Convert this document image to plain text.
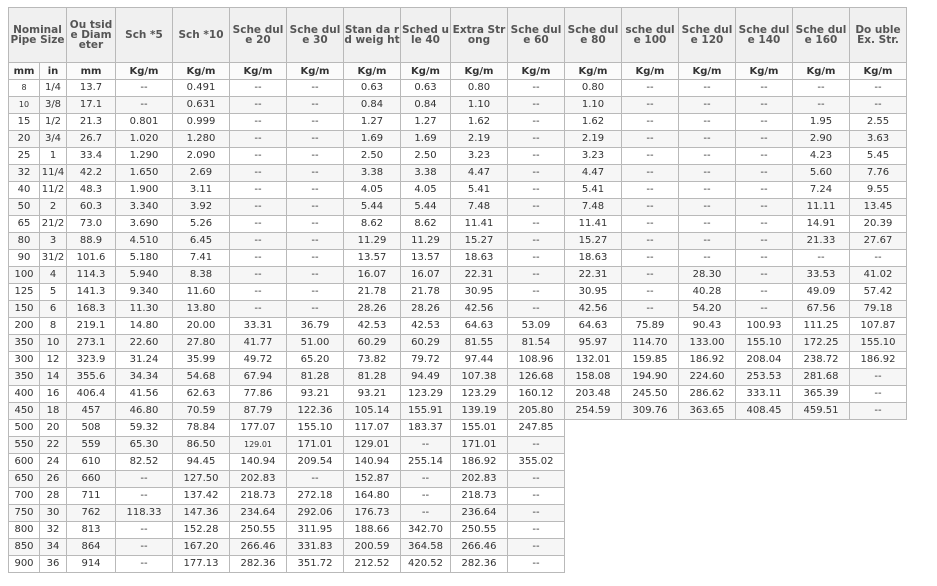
Nominal Pipe Size		Ou tside Diam eter	Sch *5	Sch *10	Sche dule 20	Sche dule 30	Stan da rd weig ht	Sched ule 40	Extra Str ong	Sche dule 60	Sche dule 80	sche dule 100	Sche dule 120	Sche dule 140	Sche dule 160	Do uble Ex. Str.
mm	in	mm	Kg/m	Kg/m	Kg/m	Kg/m	Kg/m	Kg/m	Kg/m	Kg/m	Kg/m	Kg/m	Kg/m	Kg/m	Kg/m	Kg/m
8	1/4	13.7	--	0.491	--	--	0.63	0.63	0.80	--	0.80	--	--	--	--	--
10	3/8	17.1	--	0.631	--	--	0.84	0.84	1.10	--	1.10	--	--	--	--	--
15	1/2	21.3	0.801	0.999	--	--	1.27	1.27	1.62	--	1.62	--	--	--	1.95	2.55
20	3/4	26.7	1.020	1.280	--	--	1.69	1.69	2.19	--	2.19	--	--	--	2.90	3.63
25	1	33.4	1.290	2.090	--	--	2.50	2.50	3.23	--	3.23	--	--	--	4.23	5.45
32	11/4	42.2	1.650	2.69	--	--	3.38	3.38	4.47	--	4.47	--	--	--	5.60	7.76
40	11/2	48.3	1.900	3.11	--	--	4.05	4.05	5.41	--	5.41	--	--	--	7.24	9.55
50	2	60.3	3.340	3.92	--	--	5.44	5.44	7.48	--	7.48	--	--	--	11.11	13.45
65	21/2	73.0	3.690	5.26	--	--	8.62	8.62	11.41	--	11.41	--	--	--	14.91	20.39
80	3	88.9	4.510	6.45	--	--	11.29	11.29	15.27	--	15.27	--	--	--	21.33	27.67
90	31/2	101.6	5.180	7.41	--	--	13.57	13.57	18.63	--	18.63	--	--	--	--	--
100	4	114.3	5.940	8.38	--	--	16.07	16.07	22.31	--	22.31	--	28.30	--	33.53	41.02
125	5	141.3	9.340	11.60	--	--	21.78	21.78	30.95	--	30.95	--	40.28	--	49.09	57.42
150	6	168.3	11.30	13.80	--	--	28.26	28.26	42.56	--	42.56	--	54.20	--	67.56	79.18
200	8	219.1	14.80	20.00	33.31	36.79	42.53	42.53	64.63	53.09	64.63	75.89	90.43	100.93	111.25	107.87
350	10	273.1	22.60	27.80	41.77	51.00	60.29	60.29	81.55	81.54	95.97	114.70	133.00	155.10	172.25	155.10
300	12	323.9	31.24	35.99	49.72	65.20	73.82	79.72	97.44	108.96	132.01	159.85	186.92	208.04	238.72	186.92
350	14	355.6	34.34	54.68	67.94	81.28	81.28	94.49	107.38	126.68	158.08	194.90	224.60	253.53	281.68	--
400	16	406.4	41.56	62.63	77.86	93.21	93.21	123.29	123.29	160.12	203.48	245.50	286.62	333.11	365.39	--
450	18	457	46.80	70.59	87.79	122.36	105.14	155.91	139.19	205.80	254.59	309.76	363.65	408.45	459.51	--
500	20	508	59.32	78.84	177.07	155.10	117.07	183.37	155.01	247.85						
550	22	559	65.30	86.50	129.01	171.01	129.01	--	171.01	--						
600	24	610	82.52	94.45	140.94	209.54	140.94	255.14	186.92	355.02						
650	26	660	--	127.50	202.83	--	152.87	--	202.83	--						
700	28	711	--	137.42	218.73	272.18	164.80	--	218.73	--						
750	30	762	118.33	147.36	234.64	292.06	176.73	--	236.64	--						
800	32	813	--	152.28	250.55	311.95	188.66	342.70	250.55	--						
850	34	864	--	167.20	266.46	331.83	200.59	364.58	266.46	--						
900	36	914	--	177.13	282.36	351.72	212.52	420.52	282.36	--						
